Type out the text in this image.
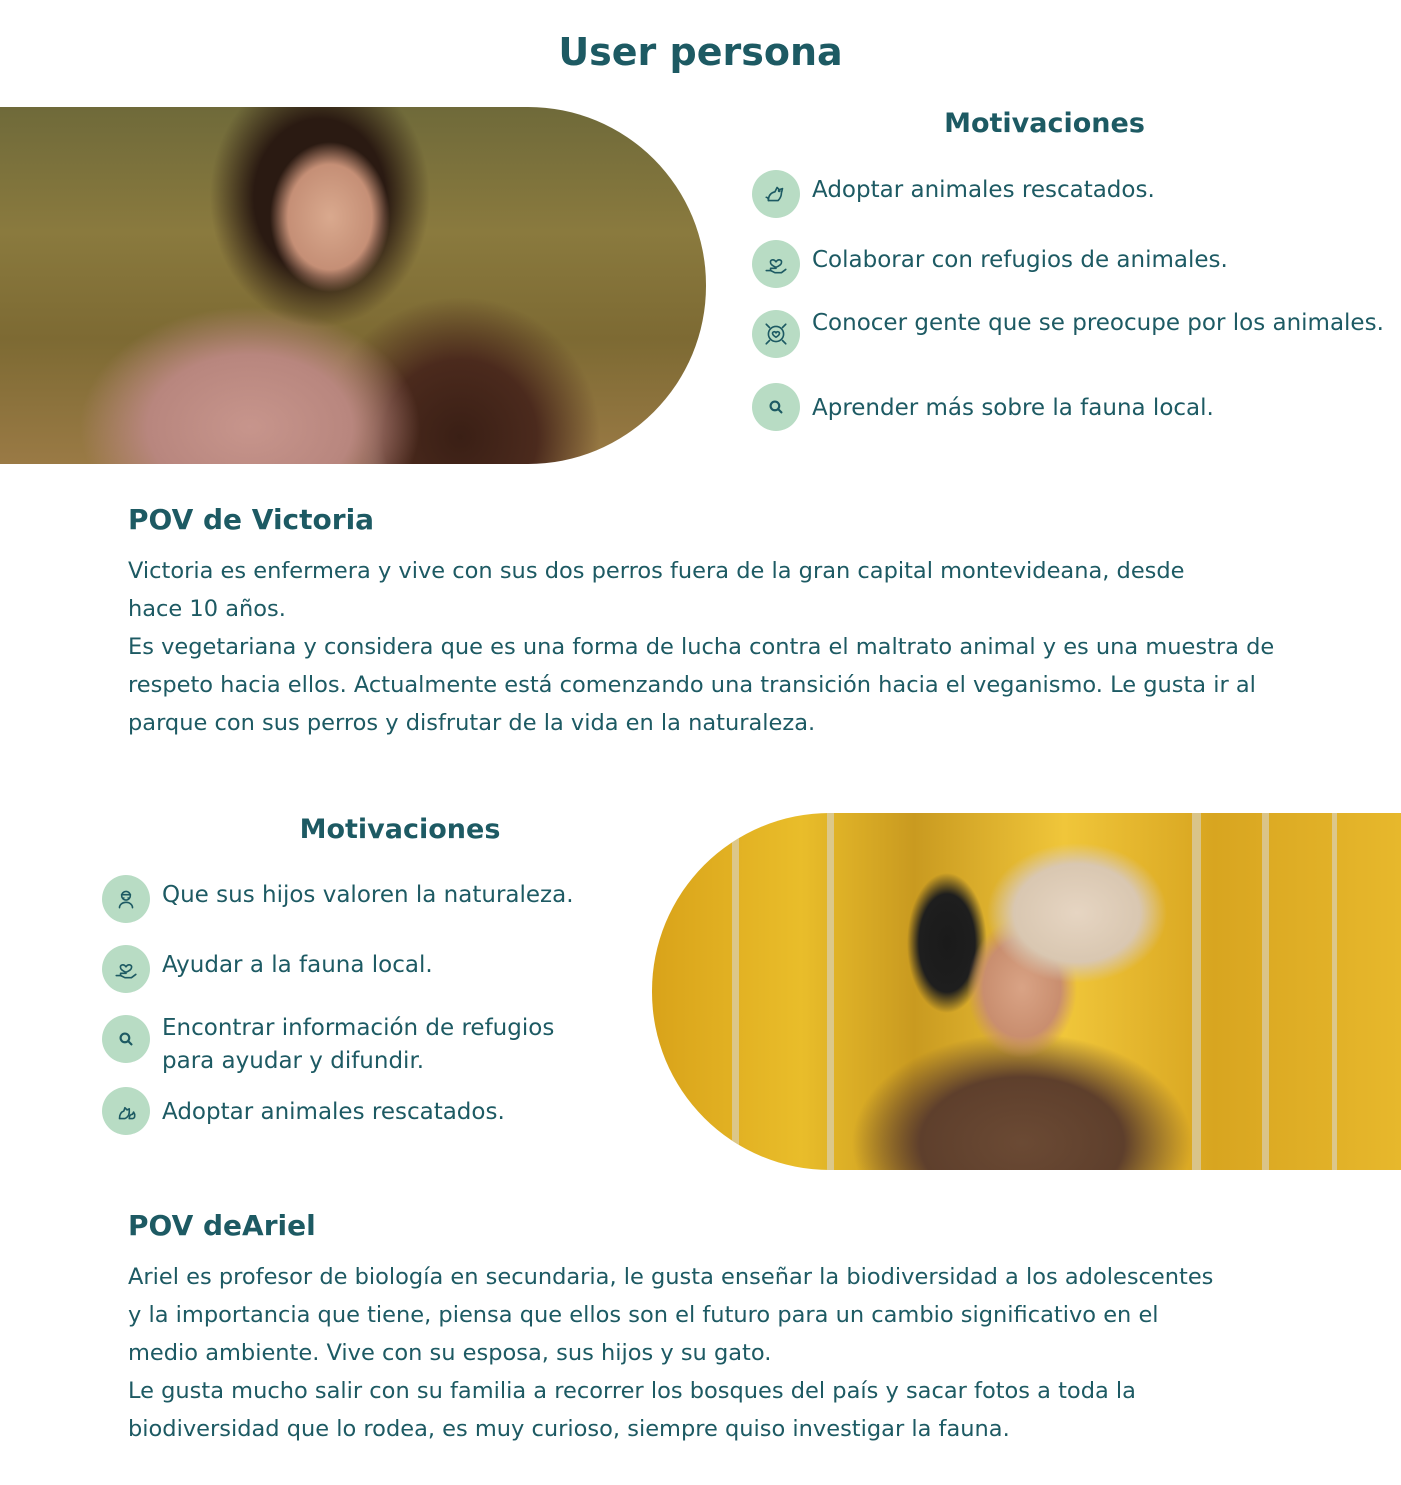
User persona
Motivaciones
Adoptar animales rescatados.
Colaborar con refugios de animales.
Conocer gente que se preocupe por los animales.
Aprender más sobre la fauna local.
POV de Victoria

Victoria es enfermera y vive con sus dos perros fuera de la gran capital montevideana, desde hace 10 años.

Es vegetariana y considera que es una forma de lucha contra el maltrato animal y es una muestra de respeto hacia ellos. Actualmente está comenzando una transición hacia el veganismo. Le gusta ir al parque con sus perros y disfrutar de la vida en la naturaleza.

Motivaciones
Que sus hijos valoren la naturaleza.
Ayudar a la fauna local.
Encontrar información de refugios para ayudar y difundir.
Adoptar animales rescatados.
POV deAriel

Ariel es profesor de biología en secundaria, le gusta enseñar la biodiversidad a los adolescentes y la importancia que tiene, piensa que ellos son el futuro para un cambio significativo en el medio ambiente. Vive con su esposa, sus hijos y su gato.

Le gusta mucho salir con su familia a recorrer los bosques del país y sacar fotos a toda la biodiversidad que lo rodea, es muy curioso, siempre quiso investigar la fauna.
